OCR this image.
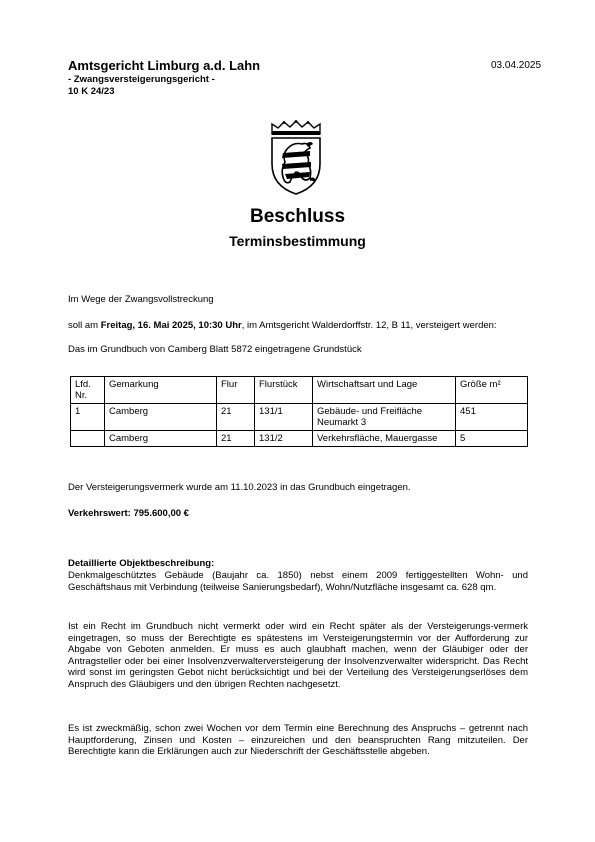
Amtsgericht Limburg a.d. Lahn
- Zwangsversteigerungsgericht -
10 K 24/23
03.04.2025
Beschluss
Terminsbestimmung

Im Wege der Zwangsvollstreckung

soll am Freitag, 16. Mai 2025, 10:30 Uhr, im Amtsgericht Walderdorffstr. 12, B 11, versteigert werden:

Das im Grundbuch von Camberg Blatt 5872 eingetragene Grundstück

Lfd. Nr.	Gemarkung	Flur	Flurstück	Wirtschaftsart und Lage	Größe m²
1	Camberg	21	131/1	Gebäude- und Freifläche Neumarkt 3	451
	Camberg	21	131/2	Verkehrsfläche, Mauergasse	5

Der Versteigerungsvermerk wurde am 11.10.2023 in das Grundbuch eingetragen.

Verkehrswert: 795.600,00 €

Detaillierte Objektbeschreibung:

Denkmalgeschütztes Gebäude (Baujahr ca. 1850) nebst einem 2009 fertiggestellten Wohn- und Geschäftshaus mit Verbindung (teilweise Sanierungsbedarf), Wohn/Nutzfläche insgesamt ca. 628 qm.

Ist ein Recht im Grundbuch nicht vermerkt oder wird ein Recht später als der Versteigerungs-vermerk eingetragen, so muss der Berechtigte es spätestens im Versteigerungstermin vor der Aufforderung zur Abgabe von Geboten anmelden. Er muss es auch glaubhaft machen, wenn der Gläubiger oder der Antragsteller oder bei einer Insolvenzverwalterversteigerung der Insolvenzverwalter widerspricht. Das Recht wird sonst im geringsten Gebot nicht berücksichtigt und bei der Verteilung des Versteigerungserlöses dem Anspruch des Gläubigers und den übrigen Rechten nachgesetzt.

Es ist zweckmäßig, schon zwei Wochen vor dem Termin eine Berechnung des Anspruchs – getrennt nach Hauptforderung, Zinsen und Kosten – einzureichen und den beanspruchten Rang mitzuteilen. Der Berechtigte kann die Erklärungen auch zur Niederschrift der Geschäftsstelle abgeben.
